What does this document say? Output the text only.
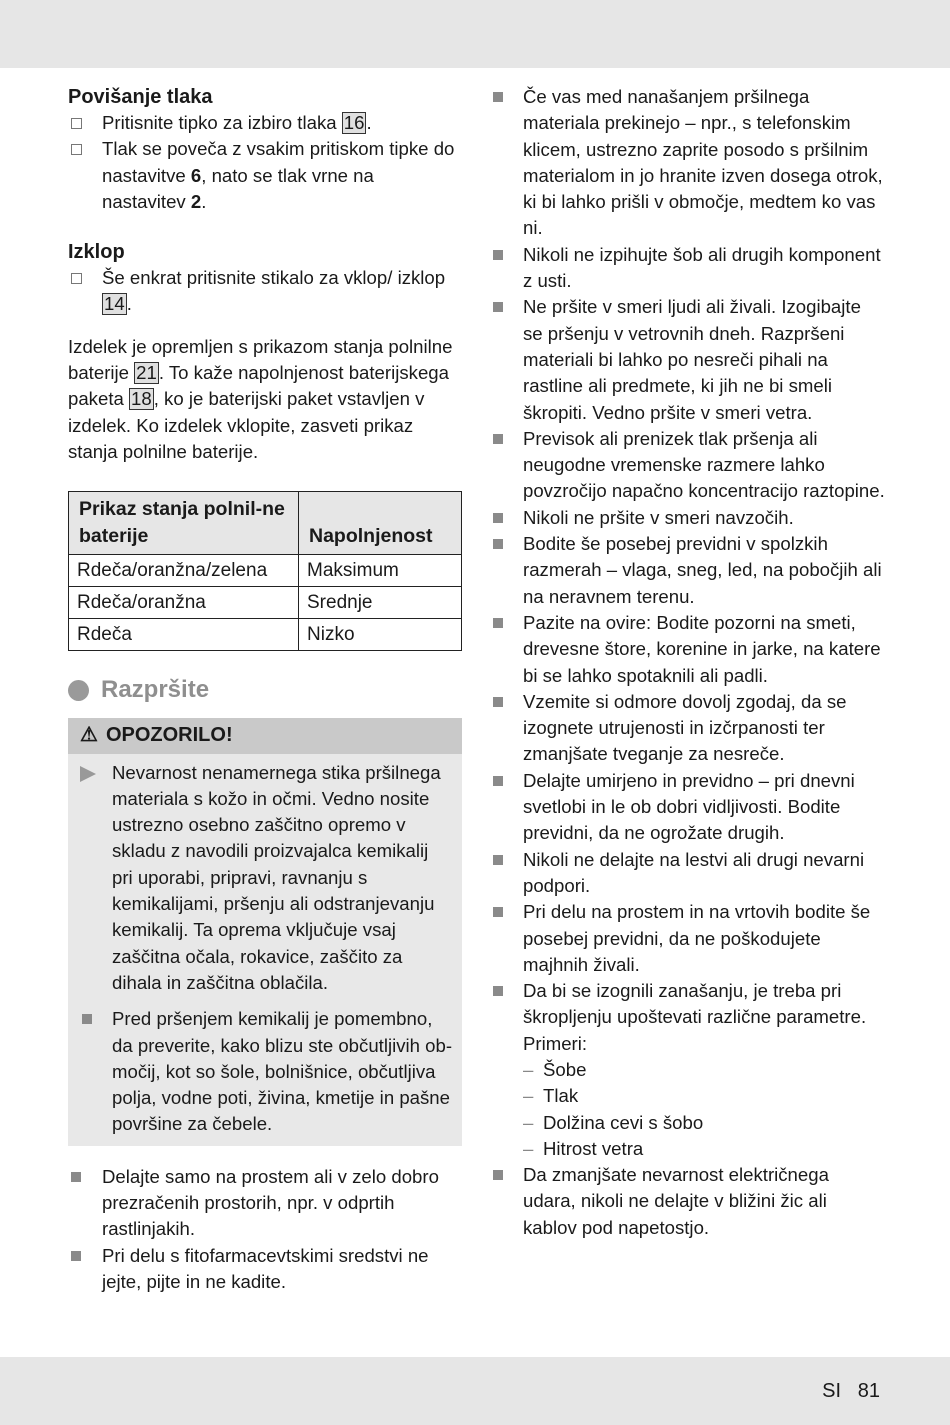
Povišanje tlaka
Pritisnite tipko za izbiro tlaka 16 .
Tlak se poveča z vsakim pritiskom tipke do nastavitve 6, nato se tlak vrne na nastavitev 2.
Izklop
Še enkrat pritisnite stikalo za vklop/ izklop 14 .

Izdelek je opremljen s prikazom stanja polnilne baterije 21 . To kaže napolnjenost baterijskega paketa 18 , ko je baterijski paket vstavljen v izdelek. Ko izdelek vklopite, zasveti prikaz stanja polnilne baterije.

Prikaz stanja polnil-ne baterije	Napolnjenost
Rdeča/oranžna/zelena	Maksimum
Rdeča/oranžna	Srednje
Rdeča	Nizko
Razpršite
⚠ OPOZORILO!
Nevarnost nenamernega stika pršilnega materiala s kožo in očmi. Vedno nosite ustrezno osebno zaščitno opremo v skladu z navodili proizvajalca kemikalij pri uporabi, pripravi, ravnanju s kemikalijami, pršenju ali odstranjevanju kemikalij. Ta oprema vključuje vsaj zaščitna očala, rokavice, zaščito za dihala in zaščitna oblačila.
Pred pršenjem kemikalij je pomembno, da preverite, kako blizu ste občutljivih ob-močij, kot so šole, bolnišnice, občutljiva polja, vodne poti, živina, kmetije in pašne površine za čebele.
Delajte samo na prostem ali v zelo dobro prezračenih prostorih, npr. v odprtih rastlinjakih.
Pri delu s fitofarmacevtskimi sredstvi ne jejte, pijte in ne kadite.
Če vas med nanašanjem pršilnega materiala prekinejo – npr., s telefonskim klicem, ustrezno zaprite posodo s pršilnim materialom in jo hranite izven dosega otrok, ki bi lahko prišli v območje, medtem ko vas ni.
Nikoli ne izpihujte šob ali drugih komponent z usti.
Ne pršite v smeri ljudi ali živali. Izogibajte se pršenju v vetrovnih dneh. Razpršeni materiali bi lahko po nesreči pihali na rastline ali predmete, ki jih ne bi smeli škropiti. Vedno pršite v smeri vetra.
Previsok ali prenizek tlak pršenja ali neugodne vremenske razmere lahko povzročijo napačno koncentracijo raztopine.
Nikoli ne pršite v smeri navzočih.
Bodite še posebej previdni v spolzkih razmerah – vlaga, sneg, led, na pobočjih ali na neravnem terenu.
Pazite na ovire: Bodite pozorni na smeti, drevesne štore, korenine in jarke, na katere bi se lahko spotaknili ali padli.
Vzemite si odmore dovolj zgodaj, da se izognete utrujenosti in izčrpanosti ter zmanjšate tveganje za nesreče.
Delajte umirjeno in previdno – pri dnevni svetlobi in le ob dobri vidljivosti. Bodite previdni, da ne ogrožate drugih.
Nikoli ne delajte na lestvi ali drugi nevarni podpori.
Pri delu na prostem in na vrtovih bodite še posebej previdni, da ne poškodujete majhnih živali.
Da bi se izognili zanašanju, je treba pri škropljenju upoštevati različne parametre.
Primeri:
– Šobe
– Tlak
– Dolžina cevi s šobo
– Hitrost vetra
Da zmanjšate nevarnost električnega udara, nikoli ne delajte v bližini žic ali kablov pod napetostjo.
SI 81
